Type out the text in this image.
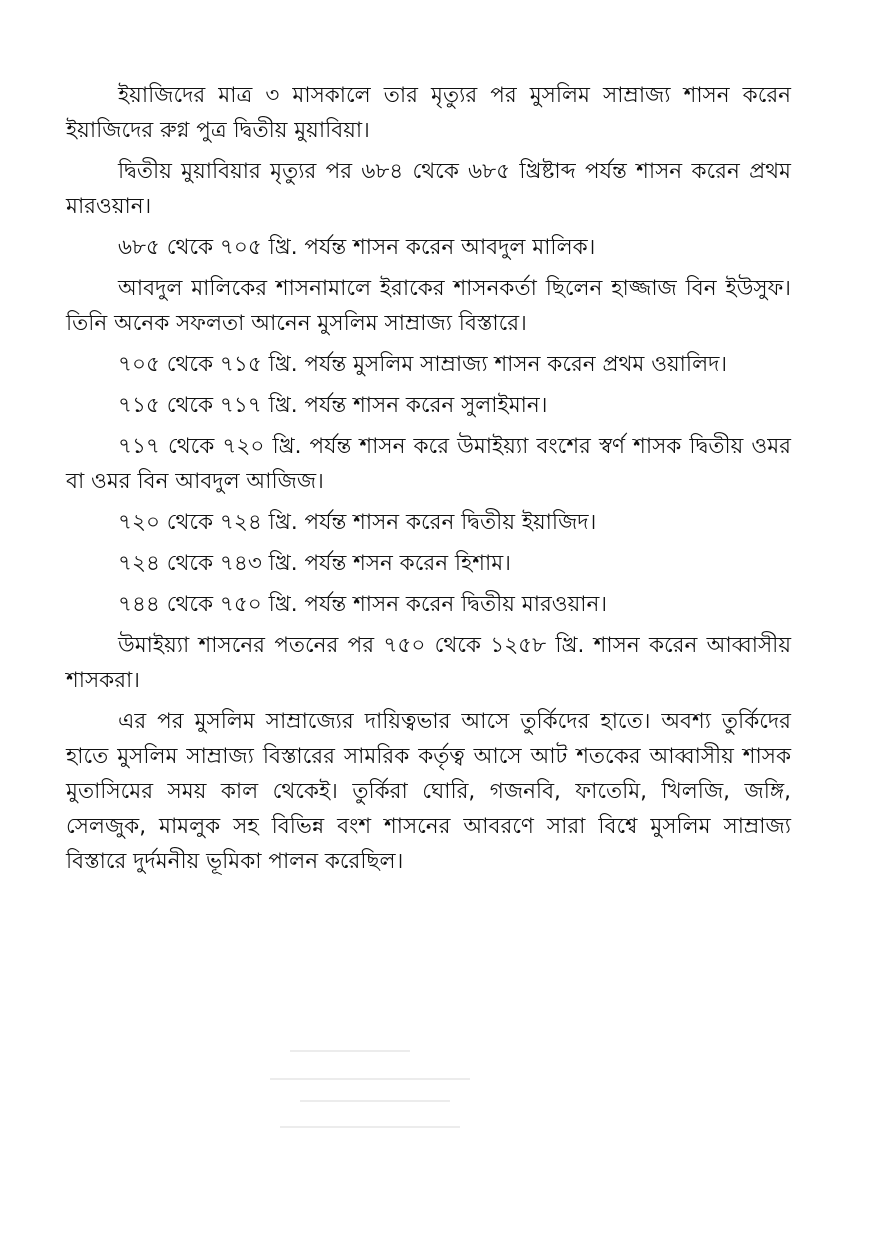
ইয়াজিদের মাত্র ৩ মাসকালে তার মৃত্যুর পর মুসলিম সাম্রাজ্য শাসন করেন ইয়াজিদের রুগ্ন পুত্র দ্বিতীয় মুয়াবিয়া।

দ্বিতীয় মুয়াবিয়ার মৃত্যুর পর ৬৮৪ থেকে ৬৮৫ খ্রিষ্টাব্দ পর্যন্ত শাসন করেন প্রথম মারওয়ান।

৬৮৫ থেকে ৭০৫ খ্রি. পর্যন্ত শাসন করেন আবদুল মালিক।

আবদুল মালিকের শাসনামালে ইরাকের শাসনকর্তা ছিলেন হাজ্জাজ বিন ইউসুফ। তিনি অনেক সফলতা আনেন মুসলিম সাম্রাজ্য বিস্তারে।

৭০৫ থেকে ৭১৫ খ্রি. পর্যন্ত মুসলিম সাম্রাজ্য শাসন করেন প্রথম ওয়ালিদ।

৭১৫ থেকে ৭১৭ খ্রি. পর্যন্ত শাসন করেন সুলাইমান।

৭১৭ থেকে ৭২০ খ্রি. পর্যন্ত শাসন করে উমাইয়্যা বংশের স্বর্ণ শাসক দ্বিতীয় ওমর বা ওমর বিন আবদুল আজিজ।

৭২০ থেকে ৭২৪ খ্রি. পর্যন্ত শাসন করেন দ্বিতীয় ইয়াজিদ।

৭২৪ থেকে ৭৪৩ খ্রি. পর্যন্ত শসন করেন হিশাম।

৭৪৪ থেকে ৭৫০ খ্রি. পর্যন্ত শাসন করেন দ্বিতীয় মারওয়ান।

উমাইয়্যা শাসনের পতনের পর ৭৫০ থেকে ১২৫৮ খ্রি. শাসন করেন আব্বাসীয় শাসকরা।

এর পর মুসলিম সাম্রাজ্যের দায়িত্বভার আসে তুর্কিদের হাতে। অবশ্য তুর্কিদের হাতে মুসলিম সাম্রাজ্য বিস্তারের সামরিক কর্তৃত্ব আসে আট শতকের আব্বাসীয় শাসক মুতাসিমের সময় কাল থেকেই। তুর্কিরা ঘোরি, গজনবি, ফাতেমি, খিলজি, জঙ্গি, সেলজুক, মামলুক সহ বিভিন্ন বংশ শাসনের আবরণে সারা বিশ্বে মুসলিম সাম্রাজ্য বিস্তারে দুর্দমনীয় ভূমিকা পালন করেছিল।
